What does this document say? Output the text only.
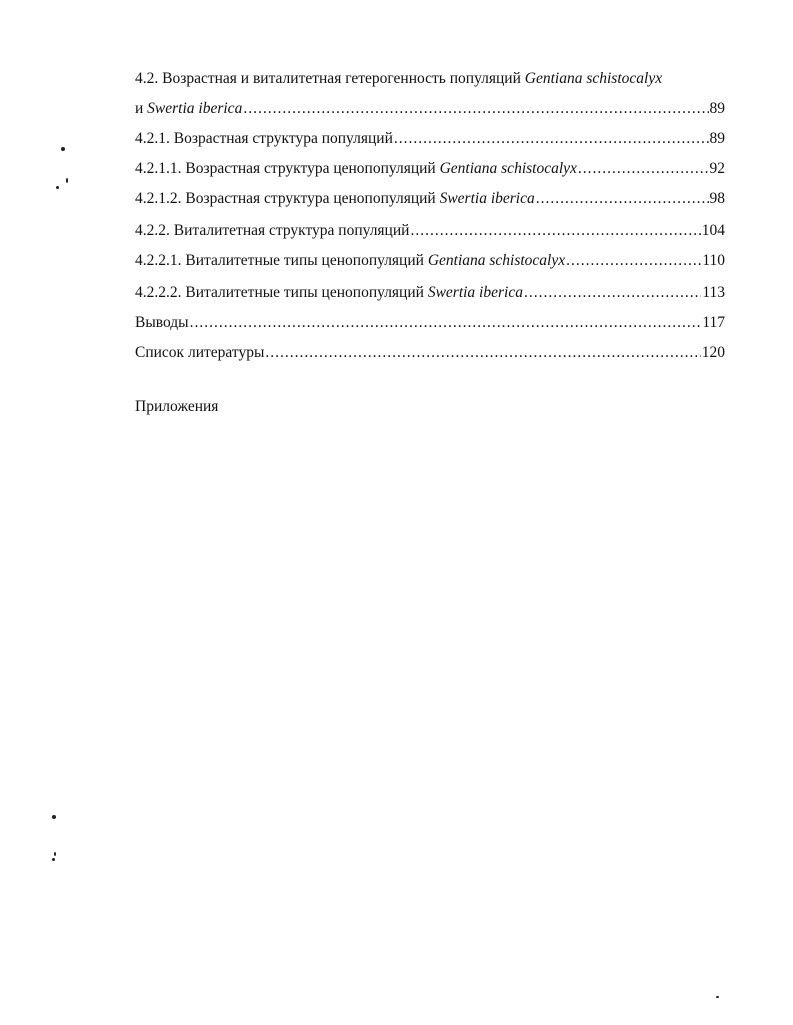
4.2. Возрастная и виталитетная гетерогенность популяций Gentiana schistocalyx
и Swertia iberica .....	89
4.2.1. Возрастная структура популяций .....	89
4.2.1.1. Возрастная структура ценопопуляций Gentiana schistocalyx .....	92
4.2.1.2. Возрастная структура ценопопуляций Swertia iberica .....	98
4.2.2. Виталитетная структура популяций .....	104
4.2.2.1. Виталитетные типы ценопопуляций Gentiana schistocalyx .....	110
4.2.2.2. Виталитетные типы ценопопуляций Swertia iberica .....	113
Выводы .....	117
Список литературы .....	120
Приложения
